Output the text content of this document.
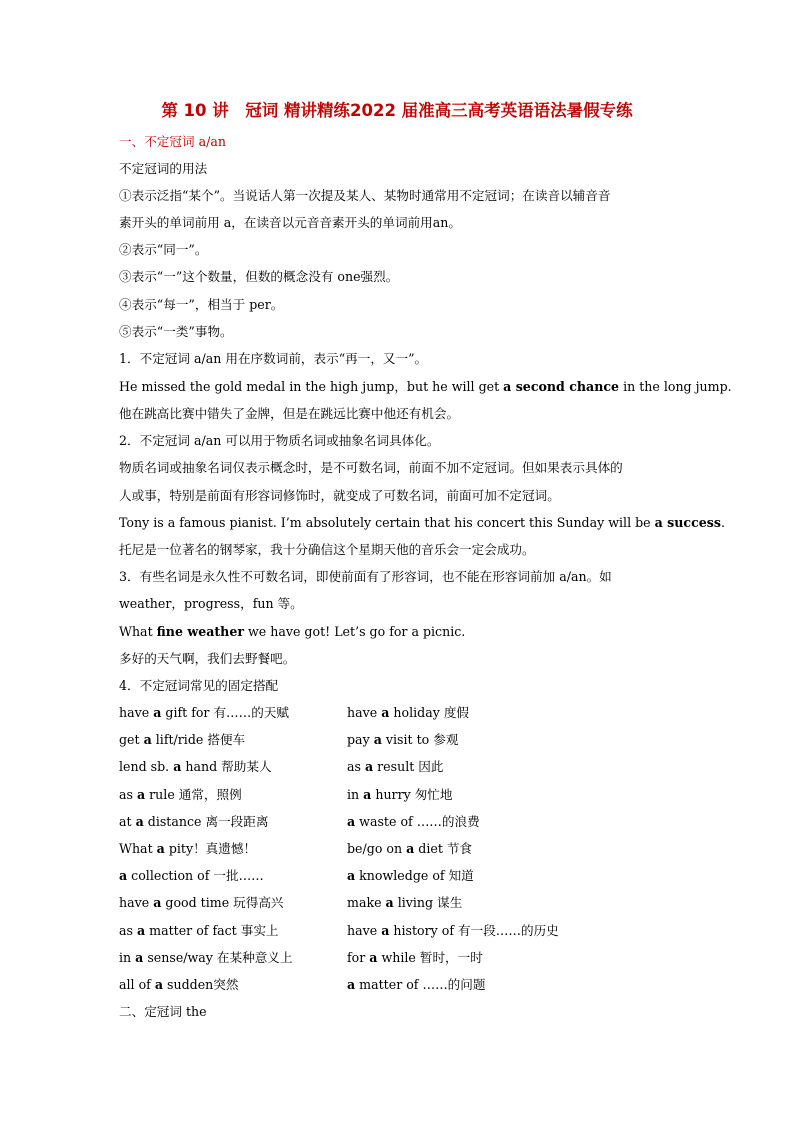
第 10 讲　冠词 精讲精练2022 届准高三高考英语语法暑假专练
一、不定冠词 a/an
不定冠词的用法
①表示泛指“某个”。当说话人第一次提及某人、某物时通常用不定冠词；在读音以辅音音
素开头的单词前用 a，在读音以元音音素开头的单词前用an。
②表示“同一”。
③表示“一”这个数量，但数的概念没有 one强烈。
④表示“每一”，相当于 per。
⑤表示“一类”事物。
1．不定冠词 a/an 用在序数词前，表示“再一，又一”。
He missed the gold medal in the high jump，but he will get a second chance in the long jump.
他在跳高比赛中错失了金牌，但是在跳远比赛中他还有机会。
2．不定冠词 a/an 可以用于物质名词或抽象名词具体化。
物质名词或抽象名词仅表示概念时，是不可数名词，前面不加不定冠词。但如果表示具体的
人或事，特别是前面有形容词修饰时，就变成了可数名词，前面可加不定冠词。
Tony is a famous pianist. I’m absolutely certain that his concert this Sunday will be a success.
托尼是一位著名的钢琴家，我十分确信这个星期天他的音乐会一定会成功。
3．有些名词是永久性不可数名词，即使前面有了形容词，也不能在形容词前加 a/an。如
weather，progress，fun 等。
What fine weather we have got! Let’s go for a picnic.
多好的天气啊，我们去野餐吧。
4．不定冠词常见的固定搭配
have a gift for 有……的天赋	have a holiday 度假
get a lift/ride 搭便车	pay a visit to 参观
lend sb. a hand 帮助某人	as a result 因此
as a rule 通常，照例	in a hurry 匆忙地
at a distance 离一段距离	a waste of ……的浪费
What a pity！真遗憾！	be/go on a diet 节食
a collection of 一批……	a knowledge of 知道
have a good time 玩得高兴	make a living 谋生
as a matter of fact 事实上	have a history of 有一段……的历史
in a sense/way 在某种意义上	for a while 暂时，一时
all of a sudden突然	a matter of ……的问题
二、定冠词 the
